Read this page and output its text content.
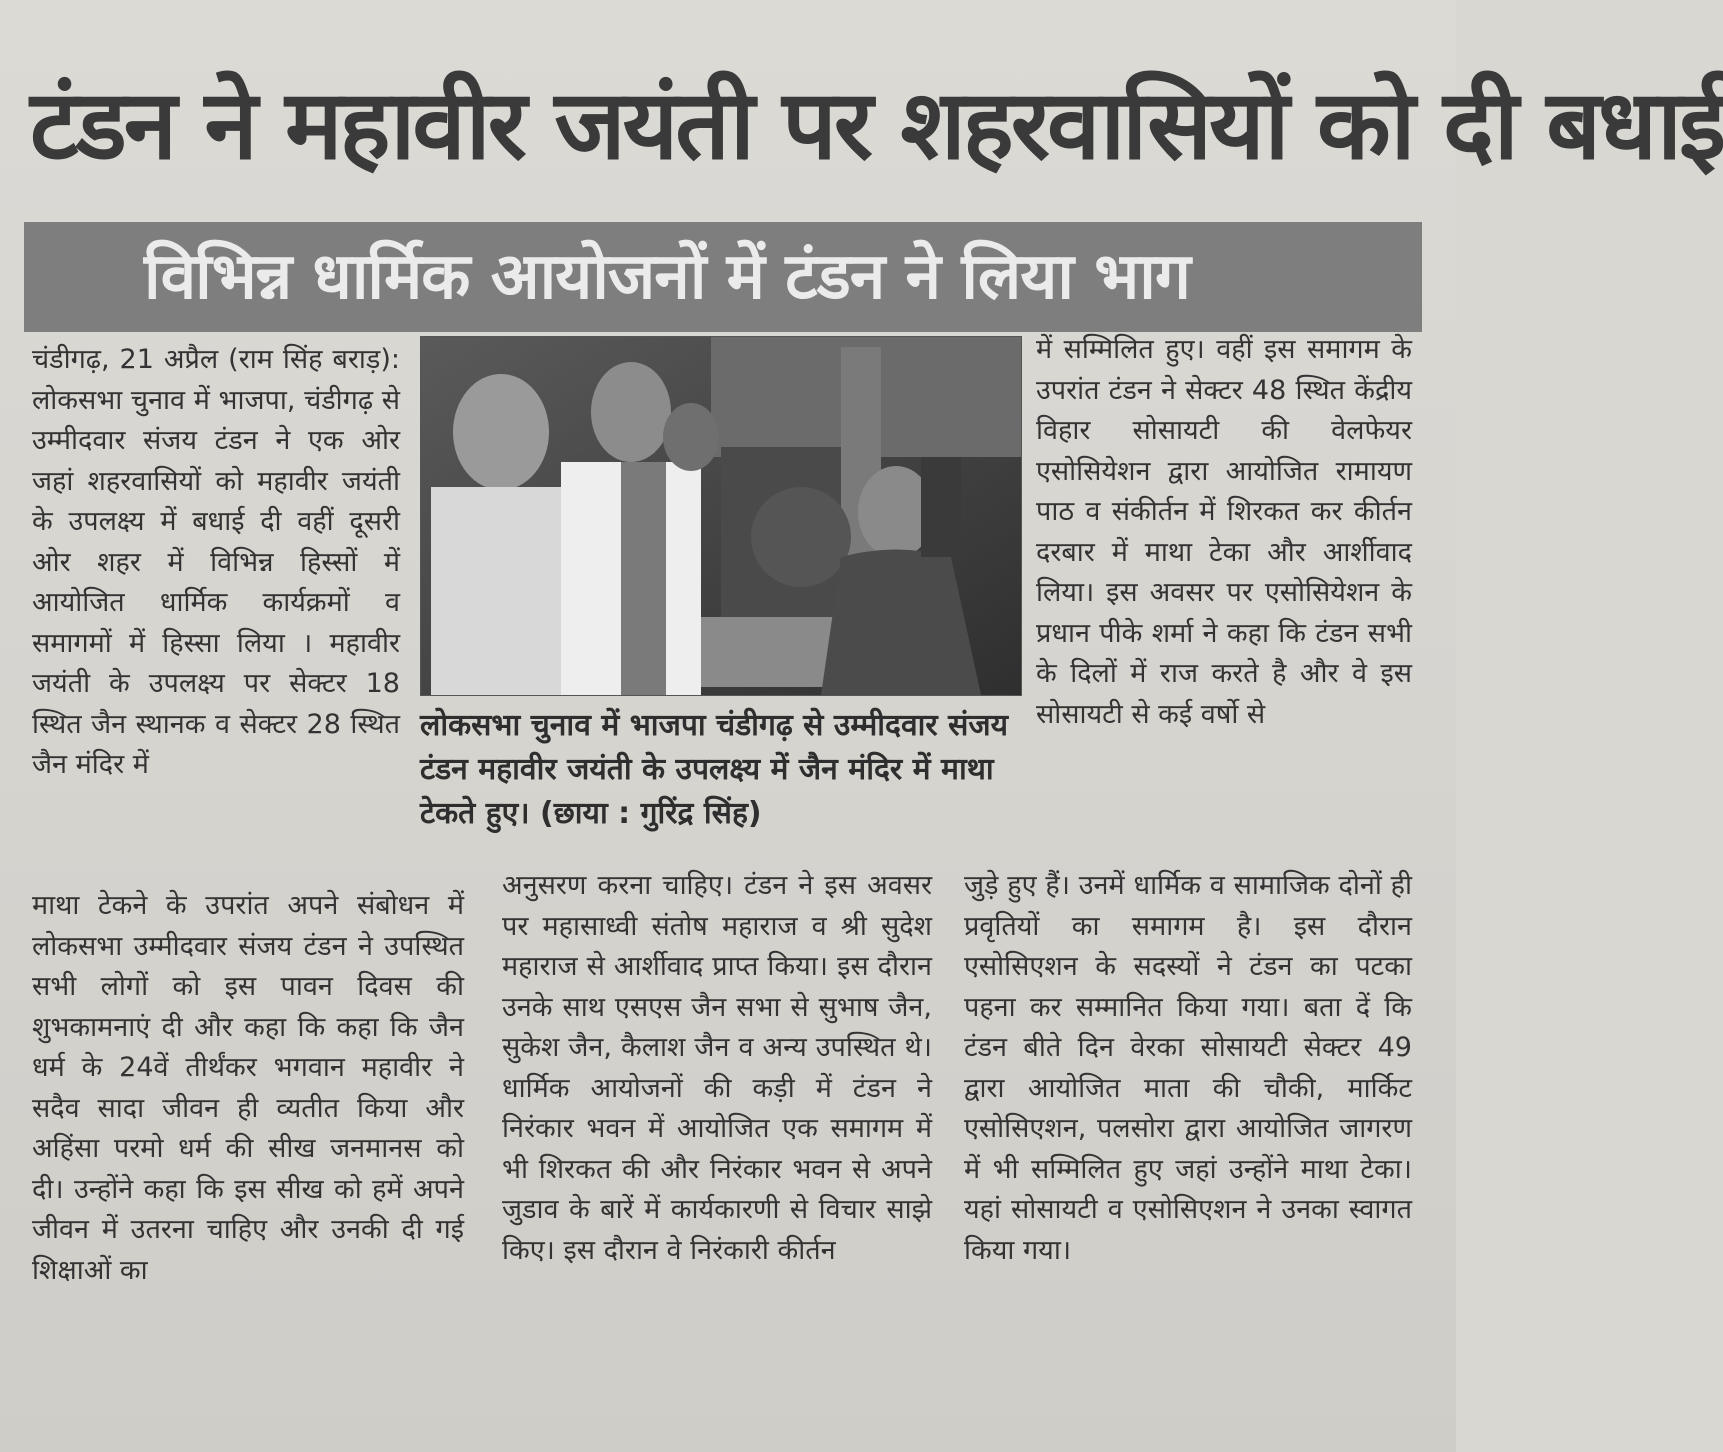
टंडन ने महावीर जयंती पर शहरवासियों को दी बधाई
विभिन्न धार्मिक आयोजनों में टंडन ने लिया भाग

चंडीगढ़, 21 अप्रैल (राम सिंह बराड़): लोकसभा चुनाव में भाजपा, चंडीगढ़ से उम्मीदवार संजय टंडन ने एक ओर जहां शहरवासियों को महावीर जयंती के उपलक्ष्य में बधाई दी वहीं दूसरी ओर शहर में विभिन्न हिस्सों में आयोजित धार्मिक कार्यक्रमों व समागमों में हिस्सा लिया । महावीर जयंती के उपलक्ष्य पर सेक्टर 18 स्थित जैन स्थानक व सेक्टर 28 स्थित जैन मंदिर में

माथा टेकने के उपरांत अपने संबोधन में लोकसभा उम्मीदवार संजय टंडन ने उपस्थित सभी लोगों को इस पावन दिवस की शुभकामनाएं दी और कहा कि कहा कि जैन धर्म के 24वें तीर्थंकर भगवान महावीर ने सदैव सादा जीवन ही व्यतीत किया और अहिंसा परमो धर्म की सीख जनमानस को दी। उन्होंने कहा कि इस सीख को हमें अपने जीवन में उतरना चाहिए और उनकी दी गई शिक्षाओं का

लोकसभा चुनाव में भाजपा चंडीगढ़ से उम्मीदवार संजय टंडन महावीर जयंती के उपलक्ष्य में जैन मंदिर में माथा टेकते हुए। (छाया : गुरिंद्र सिंह)

अनुसरण करना चाहिए। टंडन ने इस अवसर पर महासाध्वी संतोष महाराज व श्री सुदेश महाराज से आर्शीवाद प्राप्त किया। इस दौरान उनके साथ एसएस जैन सभा से सुभाष जैन, सुकेश जैन, कैलाश जैन व अन्य उपस्थित थे। धार्मिक आयोजनों की कड़ी में टंडन ने निरंकार भवन में आयोजित एक समागम में भी शिरकत की और निरंकार भवन से अपने जुडाव के बारें में कार्यकारणी से विचार साझे किए। इस दौरान वे निरंकारी कीर्तन

में सम्मिलित हुए। वहीं इस समागम के उपरांत टंडन ने सेक्टर 48 स्थित केंद्रीय विहार सोसायटी की वेलफेयर एसोसियेशन द्वारा आयोजित रामायण पाठ व संकीर्तन में शिरकत कर कीर्तन दरबार में माथा टेका और आर्शीवाद लिया। इस अवसर पर एसोसियेशन के प्रधान पीके शर्मा ने कहा कि टंडन सभी के दिलों में राज करते है और वे इस सोसायटी से कई वर्षो से

जुड़े हुए हैं। उनमें धार्मिक व सामाजिक दोनों ही प्रवृतियों का समागम है। इस दौरान एसोसिएशन के सदस्यों ने टंडन का पटका पहना कर सम्मानित किया गया। बता दें कि टंडन बीते दिन वेरका सोसायटी सेक्टर 49 द्वारा आयोजित माता की चौकी, मार्किट एसोसिएशन, पलसोरा द्वारा आयोजित जागरण में भी सम्मिलित हुए जहां उन्होंने माथा टेका। यहां सोसायटी व एसोसिएशन ने उनका स्वागत किया गया।
